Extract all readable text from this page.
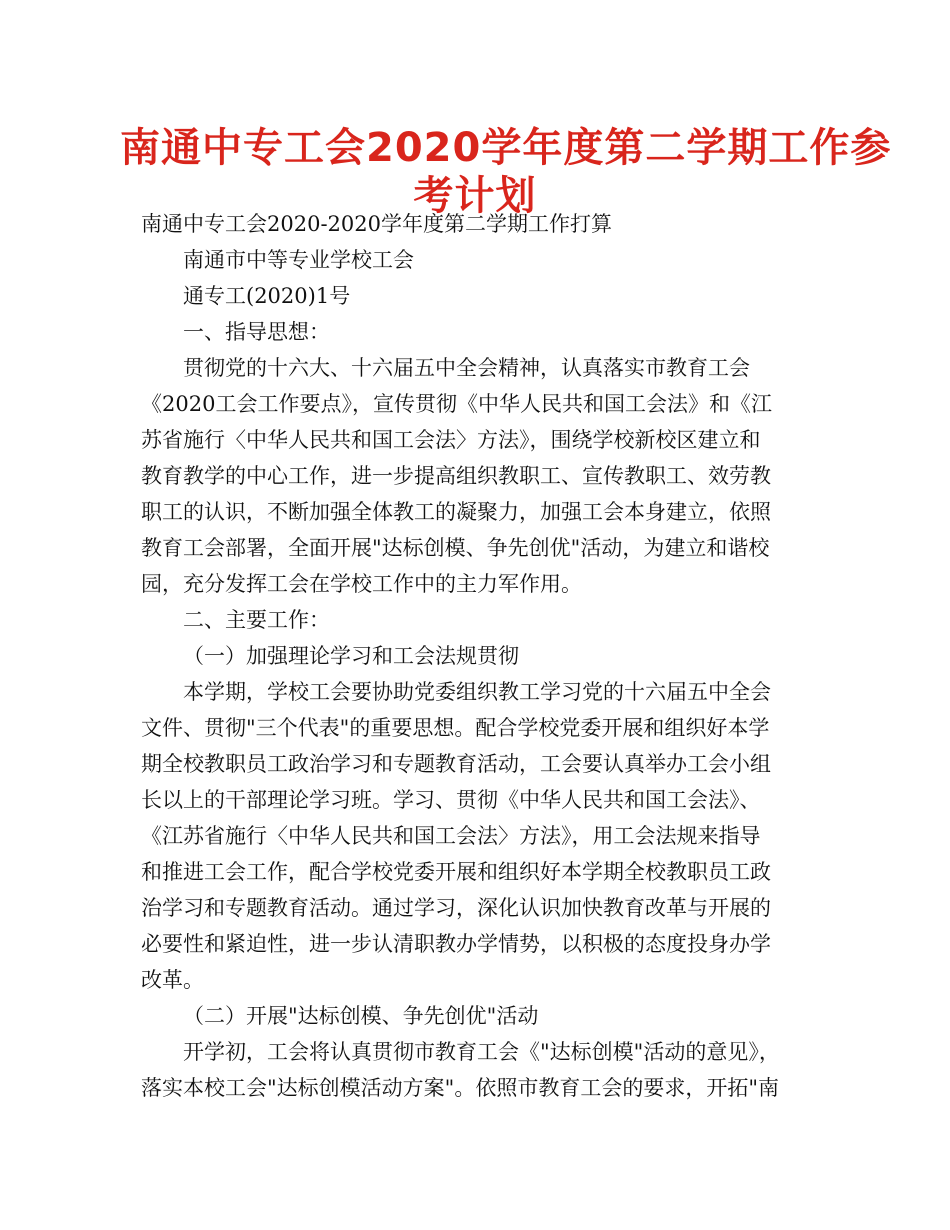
南通中专工会2020学年度第二学期工作参
考计划

南通中专工会2020-2020学年度第二学期工作打算

南通市中等专业学校工会

通专工(2020)1号

一、指导思想：

贯彻党的十六大、十六届五中全会精神，认真落实市教育工会

《2020工会工作要点》，宣传贯彻《中华人民共和国工会法》和《江

苏省施行〈中华人民共和国工会法〉方法》，围绕学校新校区建立和

教育教学的中心工作，进一步提高组织教职工、宣传教职工、效劳教

职工的认识，不断加强全体教工的凝聚力，加强工会本身建立，依照

教育工会部署，全面开展"达标创模、争先创优"活动，为建立和谐校

园，充分发挥工会在学校工作中的主力军作用。

二、主要工作：

（一）加强理论学习和工会法规贯彻

本学期，学校工会要协助党委组织教工学习党的十六届五中全会

文件、贯彻"三个代表"的重要思想。配合学校党委开展和组织好本学

期全校教职员工政治学习和专题教育活动，工会要认真举办工会小组

长以上的干部理论学习班。学习、贯彻《中华人民共和国工会法》、

《江苏省施行〈中华人民共和国工会法〉方法》，用工会法规来指导

和推进工会工作，配合学校党委开展和组织好本学期全校教职员工政

治学习和专题教育活动。通过学习，深化认识加快教育改革与开展的

必要性和紧迫性，进一步认清职教办学情势，以积极的态度投身办学

改革。

（二）开展"达标创模、争先创优"活动

开学初，工会将认真贯彻市教育工会《"达标创模"活动的意见》，

落实本校工会"达标创模活动方案"。依照市教育工会的要求，开拓"南
